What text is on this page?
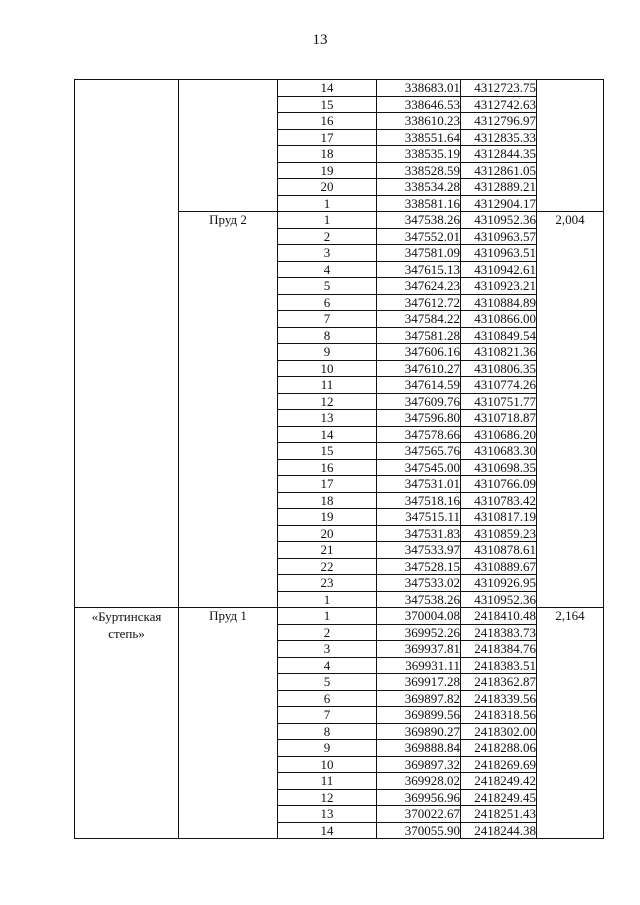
13
		14	338683.01	4312723.75	
		15	338646.53	4312742.63	
		16	338610.23	4312796.97	
		17	338551.64	4312835.33	
		18	338535.19	4312844.35	
		19	338528.59	4312861.05	
		20	338534.28	4312889.21	
		1	338581.16	4312904.17	
	Пруд 2	1	347538.26	4310952.36	2,004
		2	347552.01	4310963.57	
		3	347581.09	4310963.51	
		4	347615.13	4310942.61	
		5	347624.23	4310923.21	
		6	347612.72	4310884.89	
		7	347584.22	4310866.00	
		8	347581.28	4310849.54	
		9	347606.16	4310821.36	
		10	347610.27	4310806.35	
		11	347614.59	4310774.26	
		12	347609.76	4310751.77	
		13	347596.80	4310718.87	
		14	347578.66	4310686.20	
		15	347565.76	4310683.30	
		16	347545.00	4310698.35	
		17	347531.01	4310766.09	
		18	347518.16	4310783.42	
		19	347515.11	4310817.19	
		20	347531.83	4310859.23	
		21	347533.97	4310878.61	
		22	347528.15	4310889.67	
		23	347533.02	4310926.95	
		1	347538.26	4310952.36	

«Буртинская степь»	Пруд 1	1	370004.08	2418410.48	2,164
		2	369952.26	2418383.73	
		3	369937.81	2418384.76	
		4	369931.11	2418383.51	
		5	369917.28	2418362.87	
		6	369897.82	2418339.56	
		7	369899.56	2418318.56	
		8	369890.27	2418302.00	
		9	369888.84	2418288.06	
		10	369897.32	2418269.69	
		11	369928.02	2418249.42	
		12	369956.96	2418249.45	
		13	370022.67	2418251.43	
		14	370055.90	2418244.38	
